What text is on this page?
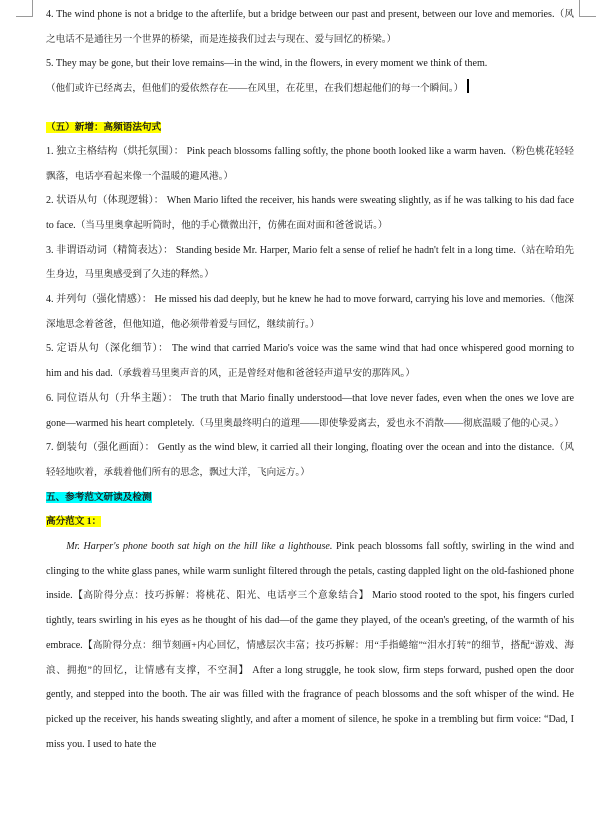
4. The wind phone is not a bridge to the afterlife, but a bridge between our past and present, between our love and memories.（风之电话不是通往另一个世界的桥梁，而是连接我们过去与现在、爱与回忆的桥梁。）

5. They may be gone, but their love remains—in the wind, in the flowers, in every moment we think of them.

（他们或许已经离去，但他们的爱依然存在——在风里，在花里，在我们想起他们的每一个瞬间。）

（五）新增：高频语法句式

1. 独立主格结构（烘托氛围）： Pink peach blossoms falling softly, the phone booth looked like a warm haven.（粉色桃花轻轻飘落，电话亭看起来像一个温暖的避风港。）

2. 状语从句（体现逻辑）： When Mario lifted the receiver, his hands were sweating slightly, as if he was talking to his dad face to face.（当马里奥拿起听筒时，他的手心微微出汗，仿佛在面对面和爸爸说话。）

3. 非谓语动词（精简表达）： Standing beside Mr. Harper, Mario felt a sense of relief he hadn't felt in a long time.（站在哈珀先生身边，马里奥感受到了久违的释然。）

4. 并列句（强化情感）： He missed his dad deeply, but he knew he had to move forward, carrying his love and memories.（他深深地思念着爸爸，但他知道，他必须带着爱与回忆，继续前行。）

5. 定语从句（深化细节）： The wind that carried Mario's voice was the same wind that had once whispered good morning to him and his dad.（承载着马里奥声音的风，正是曾经对他和爸爸轻声道早安的那阵风。）

6. 同位语从句（升华主题）： The truth that Mario finally understood—that love never fades, even when the ones we love are gone—warmed his heart completely.（马里奥最终明白的道理——即使挚爱离去，爱也永不消散——彻底温暖了他的心灵。）

7. 倒装句（强化画面）： Gently as the wind blew, it carried all their longing, floating over the ocean and into the distance.（风轻轻地吹着，承载着他们所有的思念，飘过大洋，飞向远方。）

五、参考范文研读及检测

高分范文 1：

Mr. Harper's phone booth sat high on the hill like a lighthouse. Pink peach blossoms fall softly, swirling in the wind and clinging to the white glass panes, while warm sunlight filtered through the petals, casting dappled light on the old-fashioned phone inside.【高阶得分点：技巧拆解：将桃花、阳光、电话亭三个意象结合】 Mario stood rooted to the spot, his fingers curled tightly, tears swirling in his eyes as he thought of his dad—of the game they played, of the ocean's greeting, of the warmth of his embrace.【高阶得分点：细节刻画+内心回忆，情感层次丰富；技巧拆解：用“手指蜷缩”“泪水打转”的细节，搭配“游戏、海浪、拥抱”的回忆，让情感有支撑，不空洞】 After a long struggle, he took slow, firm steps forward, pushed open the door gently, and stepped into the booth. The air was filled with the fragrance of peach blossoms and the soft whisper of the wind. He picked up the receiver, his hands sweating slightly, and after a moment of silence, he spoke in a trembling but firm voice: “Dad, I miss you. I used to hate the
